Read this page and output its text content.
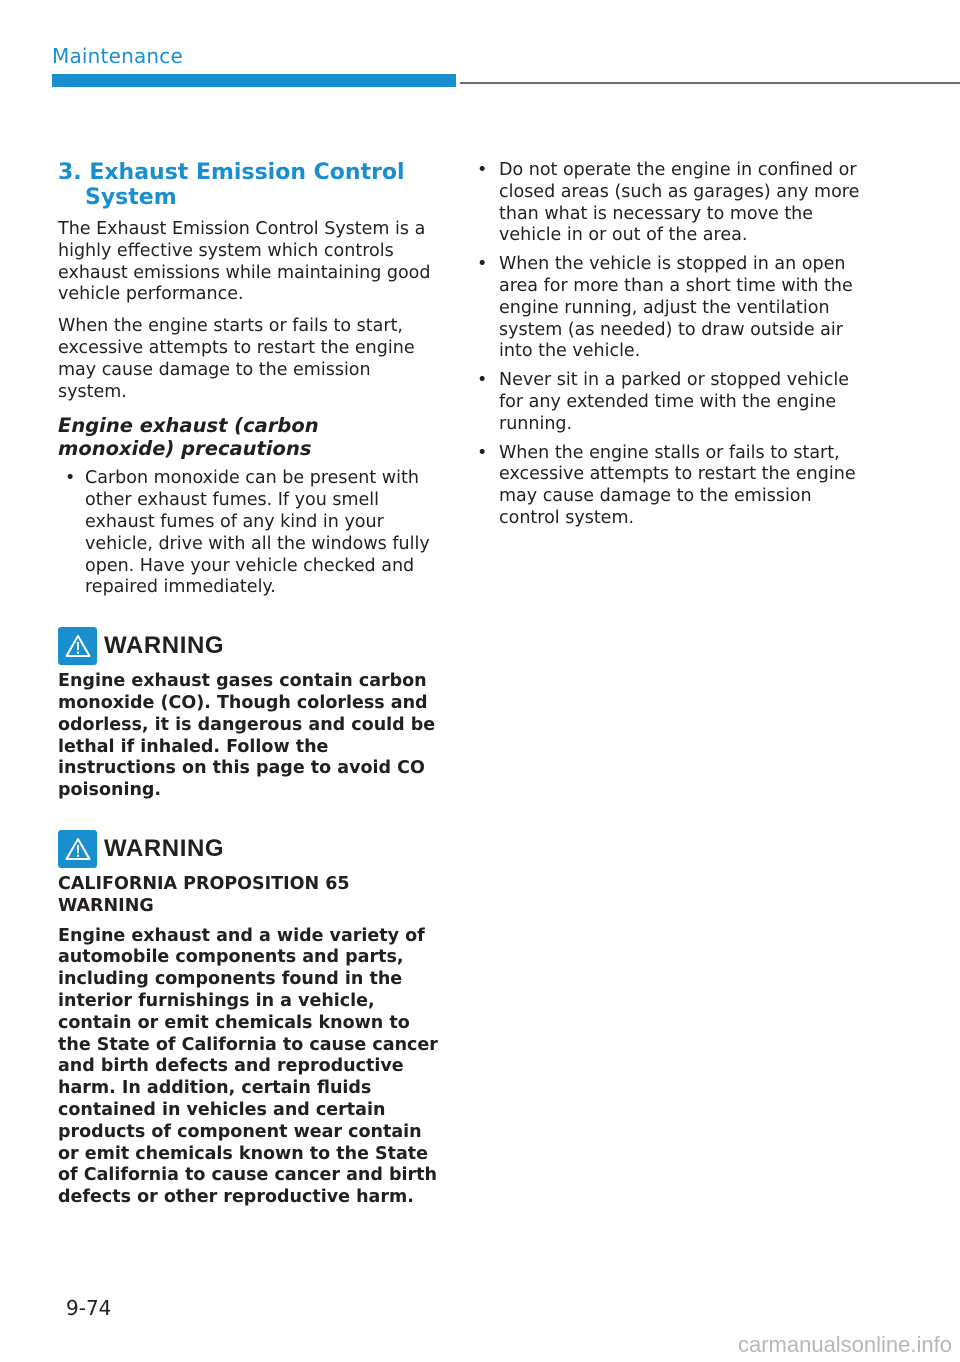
Maintenance
3. Exhaust Emission Control System

The Exhaust Emission Control System is a highly effective system which controls exhaust emissions while maintaining good vehicle performance.

When the engine starts or fails to start, excessive attempts to restart the engine may cause damage to the emission system.

Engine exhaust (carbon monoxide) precautions
• Carbon monoxide can be present with other exhaust fumes. If you smell exhaust fumes of any kind in your vehicle, drive with all the windows fully open. Have your vehicle checked and repaired immediately.
WARNING

Engine exhaust gases contain carbon monoxide (CO). Though colorless and odorless, it is dangerous and could be lethal if inhaled. Follow the instructions on this page to avoid CO poisoning.

WARNING

CALIFORNIA PROPOSITION 65 WARNING

Engine exhaust and a wide variety of automobile components and parts, including components found in the interior furnishings in a vehicle, contain or emit chemicals known to the State of California to cause cancer and birth defects and reproductive harm. In addition, certain fluids contained in vehicles and certain products of component wear contain or emit chemicals known to the State of California to cause cancer and birth defects or other reproductive harm.

• Do not operate the engine in confined or closed areas (such as garages) any more than what is necessary to move the vehicle in or out of the area.
• When the vehicle is stopped in an open area for more than a short time with the engine running, adjust the ventilation system (as needed) to draw outside air into the vehicle.
• Never sit in a parked or stopped vehicle for any extended time with the engine running.
• When the engine stalls or fails to start, excessive attempts to restart the engine may cause damage to the emission control system.
9-74
carmanualsonline.info
